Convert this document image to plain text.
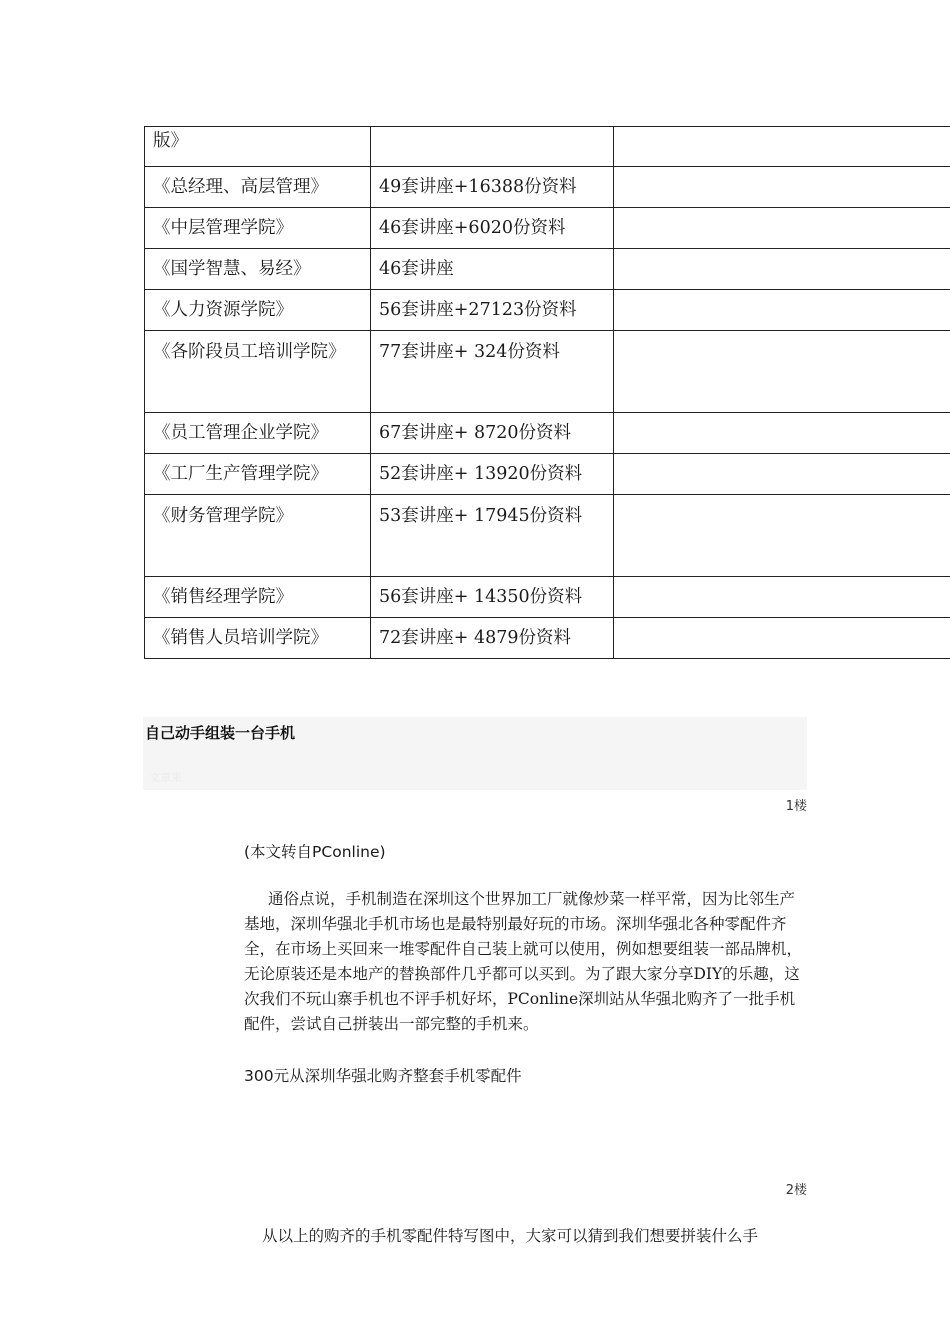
版》		
《总经理、高层管理》	49套讲座+16388份资料	
《中层管理学院》	46套讲座+6020份资料	
《国学智慧、易经》	46套讲座	
《人力资源学院》	56套讲座+27123份资料	
《各阶段员工培训学院》	77套讲座+ 324份资料	
《员工管理企业学院》	67套讲座+ 8720份资料	
《工厂生产管理学院》	52套讲座+ 13920份资料	
《财务管理学院》	53套讲座+ 17945份资料	
《销售经理学院》	56套讲座+ 14350份资料	
《销售人员培训学院》	72套讲座+ 4879份资料	
自己动手组装一台手机
文章来
1楼
(本文转自PConline)
通俗点说，手机制造在深圳这个世界加工厂就像炒菜一样平常，因为比邻生产基地，深圳华强北手机市场也是最特别最好玩的市场。深圳华强北各种零配件齐全，在市场上买回来一堆零配件自己装上就可以使用，例如想要组装一部品牌机，无论原装还是本地产的替换部件几乎都可以买到。为了跟大家分享DIY的乐趣，这次我们不玩山寨手机也不评手机好坏，PConline深圳站从华强北购齐了一批手机配件，尝试自己拼装出一部完整的手机来。
300元从深圳华强北购齐整套手机零配件
2楼
从以上的购齐的手机零配件特写图中，大家可以猜到我们想要拼装什么手
